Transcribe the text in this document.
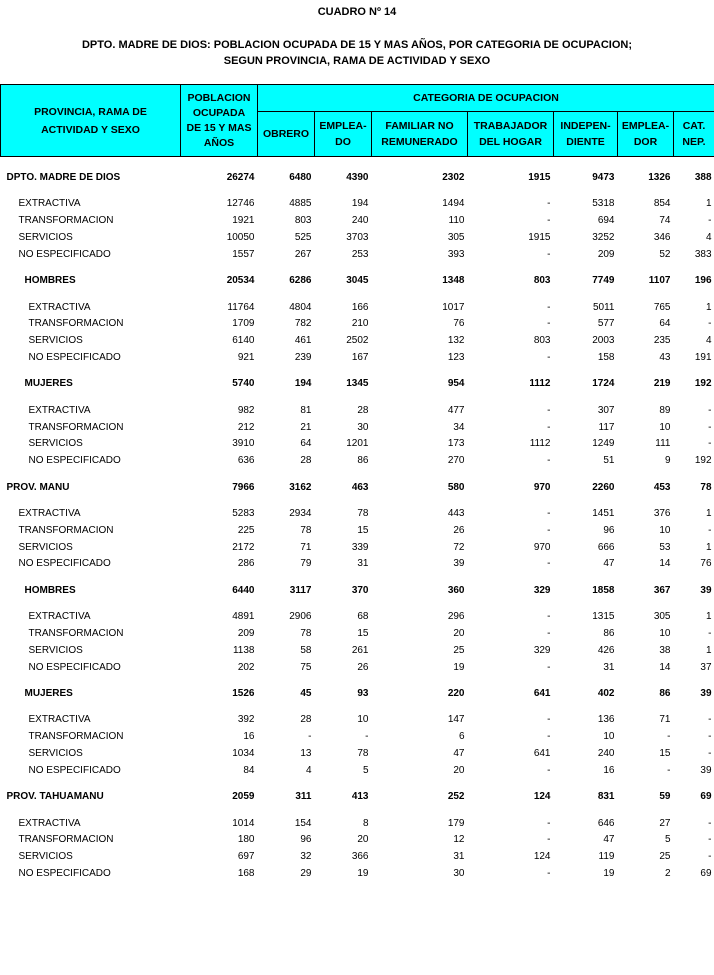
CUADRO Nº 14
DPTO. MADRE DE DIOS: POBLACION OCUPADA DE 15 Y MAS AÑOS, POR CATEGORIA DE OCUPACION;
SEGUN PROVINCIA, RAMA DE ACTIVIDAD Y SEXO
PROVINCIA, RAMA DE
ACTIVIDAD Y SEXO	POBLACION
OCUPADA
DE 15 Y MAS
AÑOS	CATEGORIA DE OCUPACION						
		OBRERO	EMPLEA-
DO	FAMILIAR NO
REMUNERADO	TRABAJADOR
DEL HOGAR	INDEPEN-
DIENTE	EMPLEA-
DOR	CAT.
NEP.

DPTO. MADRE DE DIOS	26274	6480	4390	2302	1915	9473	1326	388

EXTRACTIVA	12746	4885	194	1494	-	5318	854	1
TRANSFORMACION	1921	803	240	110	-	694	74	-
SERVICIOS	10050	525	3703	305	1915	3252	346	4
NO ESPECIFICADO	1557	267	253	393	-	209	52	383

HOMBRES	20534	6286	3045	1348	803	7749	1107	196

EXTRACTIVA	11764	4804	166	1017	-	5011	765	1
TRANSFORMACION	1709	782	210	76	-	577	64	-
SERVICIOS	6140	461	2502	132	803	2003	235	4
NO ESPECIFICADO	921	239	167	123	-	158	43	191

MUJERES	5740	194	1345	954	1112	1724	219	192

EXTRACTIVA	982	81	28	477	-	307	89	-
TRANSFORMACION	212	21	30	34	-	117	10	-
SERVICIOS	3910	64	1201	173	1112	1249	111	-
NO ESPECIFICADO	636	28	86	270	-	51	9	192

PROV. MANU	7966	3162	463	580	970	2260	453	78

EXTRACTIVA	5283	2934	78	443	-	1451	376	1
TRANSFORMACION	225	78	15	26	-	96	10	-
SERVICIOS	2172	71	339	72	970	666	53	1
NO ESPECIFICADO	286	79	31	39	-	47	14	76

HOMBRES	6440	3117	370	360	329	1858	367	39

EXTRACTIVA	4891	2906	68	296	-	1315	305	1
TRANSFORMACION	209	78	15	20	-	86	10	-
SERVICIOS	1138	58	261	25	329	426	38	1
NO ESPECIFICADO	202	75	26	19	-	31	14	37

MUJERES	1526	45	93	220	641	402	86	39

EXTRACTIVA	392	28	10	147	-	136	71	-
TRANSFORMACION	16	-	-	6	-	10	-	-
SERVICIOS	1034	13	78	47	641	240	15	-
NO ESPECIFICADO	84	4	5	20	-	16	-	39

PROV. TAHUAMANU	2059	311	413	252	124	831	59	69

EXTRACTIVA	1014	154	8	179	-	646	27	-
TRANSFORMACION	180	96	20	12	-	47	5	-
SERVICIOS	697	32	366	31	124	119	25	-
NO ESPECIFICADO	168	29	19	30	-	19	2	69
